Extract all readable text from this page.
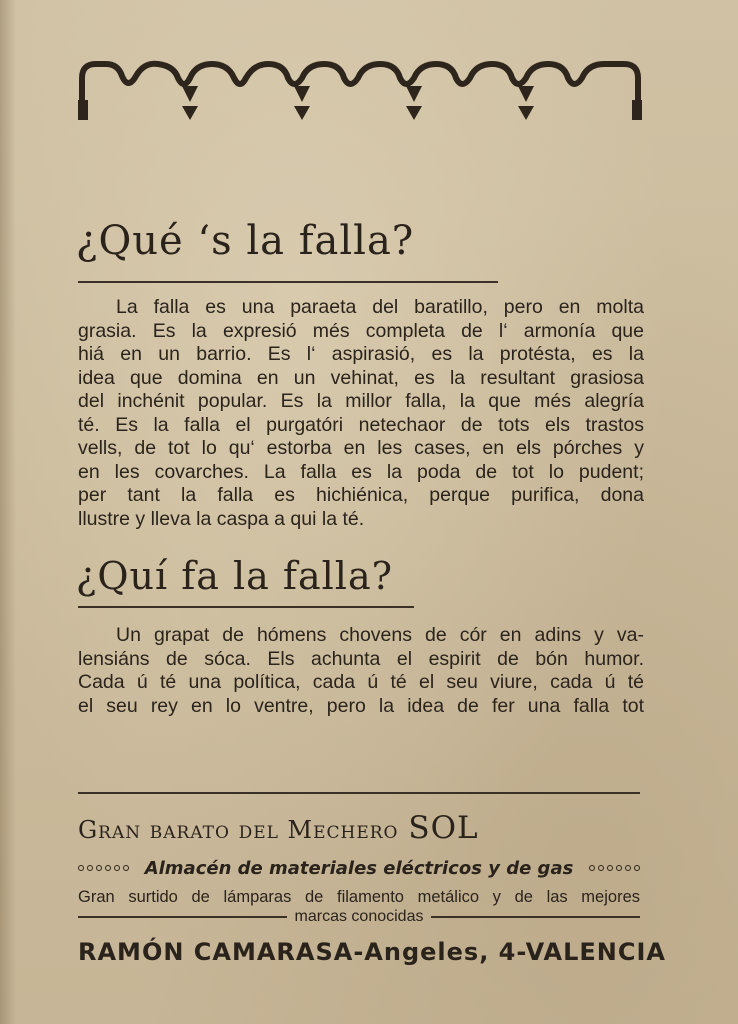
¿Qué ‘s la falla?
La falla es una paraeta del baratillo, pero en molta
grasia. Es la expresió més completa de l‘ armonía que
hiá en un barrio. Es l‘ aspirasió, es la protésta, es la
idea que domina en un vehinat, es la resultant grasiosa
del inchénit popular. Es la millor falla, la que més alegría
té. Es la falla el purgatóri netechaor de tots els trastos
vells, de tot lo qu‘ estorba en les cases, en els pórches y
en les covarches. La falla es la poda de tot lo pudent;
per tant la falla es hichiénica, perque purifica, dona
llustre y lleva la caspa a qui la té.
¿Quí fa la falla?
Un grapat de hómens chovens de cór en adins y va-
lensiáns de sóca. Els achunta el espirit de bón humor.
Cada ú té una política, cada ú té el seu viure, cada ú té
el seu rey en lo ventre, pero la idea de fer una falla tot
Gran barato del Mechero SOL
Almacén de materiales eléctricos y de gas
Gran surtido de lámparas de filamento metálico y de las mejores
marcas conocidas
RAMÓN CAMARASA-Angeles, 4-VALENCIA
